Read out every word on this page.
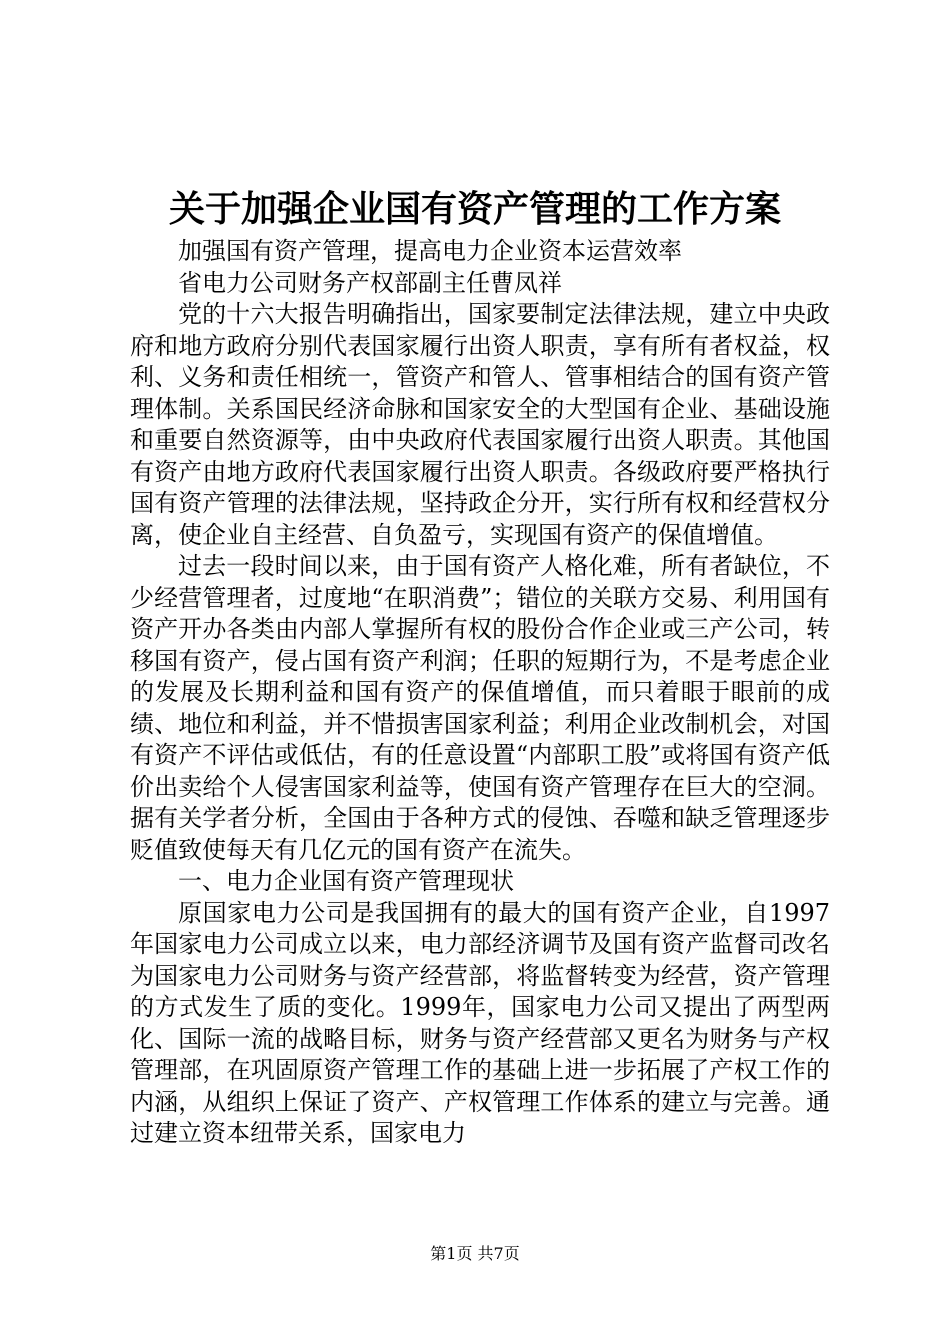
关于加强企业国有资产管理的工作方案

加强国有资产管理，提高电力企业资本运营效率

省电力公司财务产权部副主任曹凤祥

党的十六大报告明确指出，国家要制定法律法规，建立中央政府和地方政府分别代表国家履行出资人职责，享有所有者权益，权利、义务和责任相统一，管资产和管人、管事相结合的国有资产管理体制。关系国民经济命脉和国家安全的大型国有企业、基础设施和重要自然资源等，由中央政府代表国家履行出资人职责。其他国有资产由地方政府代表国家履行出资人职责。各级政府要严格执行国有资产管理的法律法规，坚持政企分开，实行所有权和经营权分离，使企业自主经营、自负盈亏，实现国有资产的保值增值。

过去一段时间以来，由于国有资产人格化难，所有者缺位，不少经营管理者，过度地“在职消费”；错位的关联方交易、利用国有资产开办各类由内部人掌握所有权的股份合作企业或三产公司，转移国有资产，侵占国有资产利润；任职的短期行为，不是考虑企业的发展及长期利益和国有资产的保值增值，而只着眼于眼前的成绩、地位和利益，并不惜损害国家利益；利用企业改制机会，对国有资产不评估或低估，有的任意设置“内部职工股”或将国有资产低价出卖给个人侵害国家利益等，使国有资产管理存在巨大的空洞。据有关学者分析，全国由于各种方式的侵蚀、吞噬和缺乏管理逐步贬值致使每天有几亿元的国有资产在流失。

一、电力企业国有资产管理现状

原国家电力公司是我国拥有的最大的国有资产企业，自1997年国家电力公司成立以来，电力部经济调节及国有资产监督司改名为国家电力公司财务与资产经营部，将监督转变为经营，资产管理的方式发生了质的变化。1999年，国家电力公司又提出了两型两化、国际一流的战略目标，财务与资产经营部又更名为财务与产权管理部，在巩固原资产管理工作的基础上进一步拓展了产权工作的内涵，从组织上保证了资产、产权管理工作体系的建立与完善。通过建立资本纽带关系，国家电力

第1页 共7页
